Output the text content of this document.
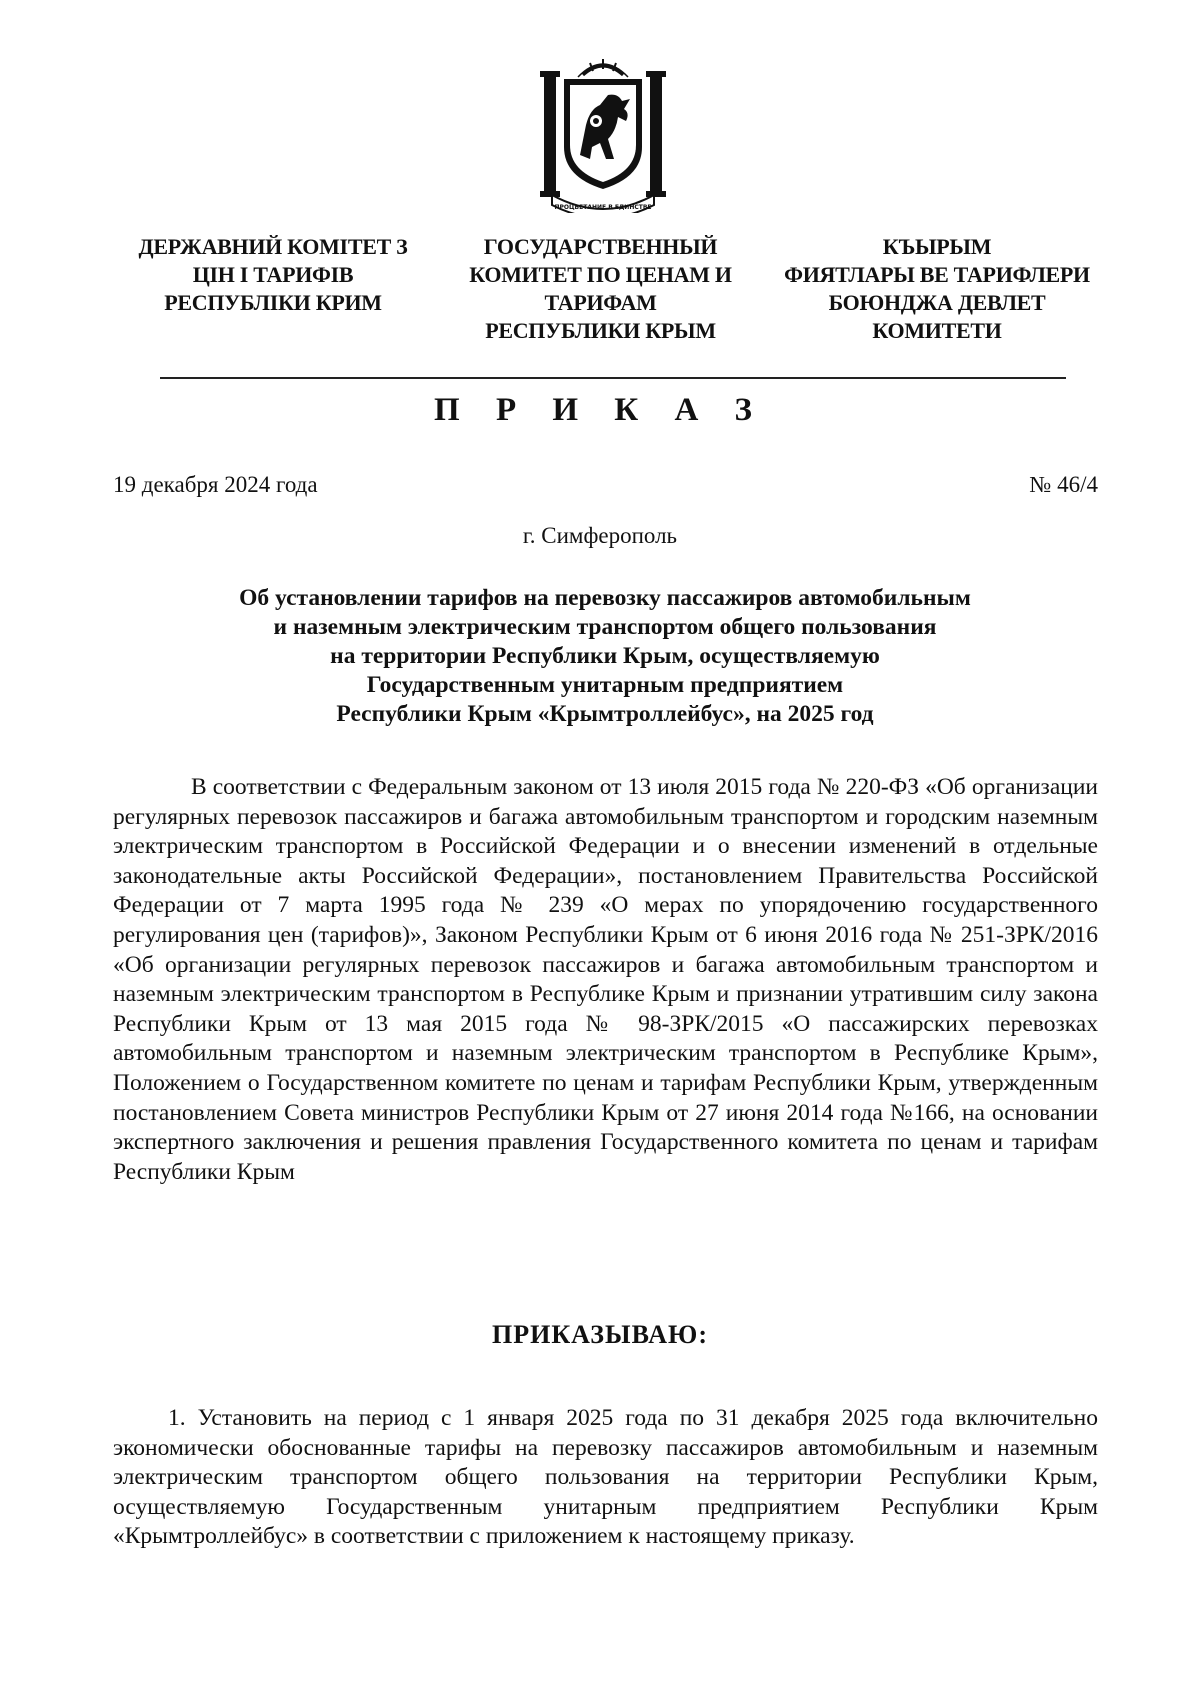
ПРОЦВЕТАНИЕ В ЕДИНСТВЕ
ДЕРЖАВНИЙ КОМІТЕТ З
ЦІН І ТАРИФІВ
РЕСПУБЛІКИ КРИМ
ГОСУДАРСТВЕННЫЙ
КОМИТЕТ ПО ЦЕНАМ И
ТАРИФАМ
РЕСПУБЛИКИ КРЫМ
КЪЫРЫМ
ФИЯТЛАРЫ ВЕ ТАРИФЛЕРИ
БОЮНДЖА ДЕВЛЕТ
КОМИТЕТИ
П Р И К А З
19 декабря 2024 года	№ 46/4
г. Симферополь
Об установлении тарифов на перевозку пассажиров автомобильным
и наземным электрическим транспортом общего пользования
на территории Республики Крым, осуществляемую
Государственным унитарным предприятием
Республики Крым «Крымтроллейбус», на 2025 год
В соответствии с Федеральным законом от 13 июля 2015 года № 220-ФЗ «Об организации регулярных перевозок пассажиров и багажа автомобильным транспортом и городским наземным электрическим транспортом в Российской Федерации и о внесении изменений в отдельные законодательные акты Российской Федерации», постановлением Правительства Российской Федерации от 7 марта 1995 года № 239 «О мерах по упорядочению государственного регулирования цен (тарифов)», Законом Республики Крым от 6 июня 2016 года № 251-ЗРК/2016 «Об организации регулярных перевозок пассажиров и багажа автомобильным транспортом и наземным электрическим транспортом в Республике Крым и признании утратившим силу закона Республики Крым от 13 мая 2015 года № 98-ЗРК/2015 «О пассажирских перевозках автомобильным транспортом и наземным электрическим транспортом в Республике Крым», Положением о Государственном комитете по ценам и тарифам Республики Крым, утвержденным постановлением Совета министров Республики Крым от 27 июня 2014 года №166, на основании экспертного заключения и решения правления Государственного комитета по ценам и тарифам Республики Крым
ПРИКАЗЫВАЮ:
1. Установить на период с 1 января 2025 года по 31 декабря 2025 года включительно экономически обоснованные тарифы на перевозку пассажиров автомобильным и наземным электрическим транспортом общего пользования на территории Республики Крым, осуществляемую Государственным унитарным предприятием Республики Крым «Крымтроллейбус» в соответствии с приложением к настоящему приказу.
